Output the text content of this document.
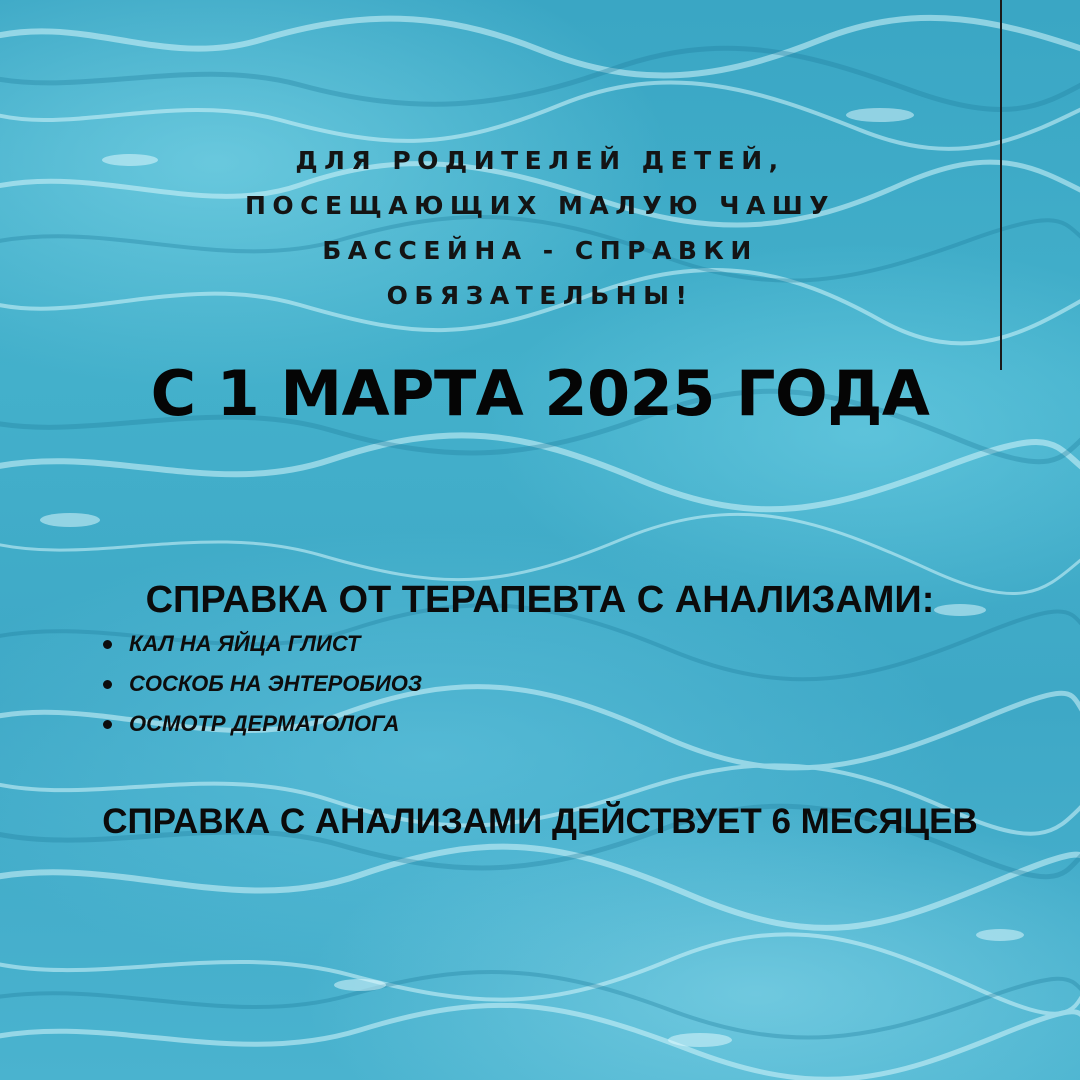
ДЛЯ РОДИТЕЛЕЙ ДЕТЕЙ,
ПОСЕЩАЮЩИХ МАЛУЮ ЧАШУ
БАССЕЙНА - СПРАВКИ
ОБЯЗАТЕЛЬНЫ!
С 1 МАРТА 2025 ГОДА
СПРАВКА ОТ ТЕРАПЕВТА С АНАЛИЗАМИ:
КАЛ НА ЯЙЦА ГЛИСТ
СОСКОБ НА ЭНТЕРОБИОЗ
ОСМОТР ДЕРМАТОЛОГА
СПРАВКА С АНАЛИЗАМИ ДЕЙСТВУЕТ 6 МЕСЯЦЕВ
